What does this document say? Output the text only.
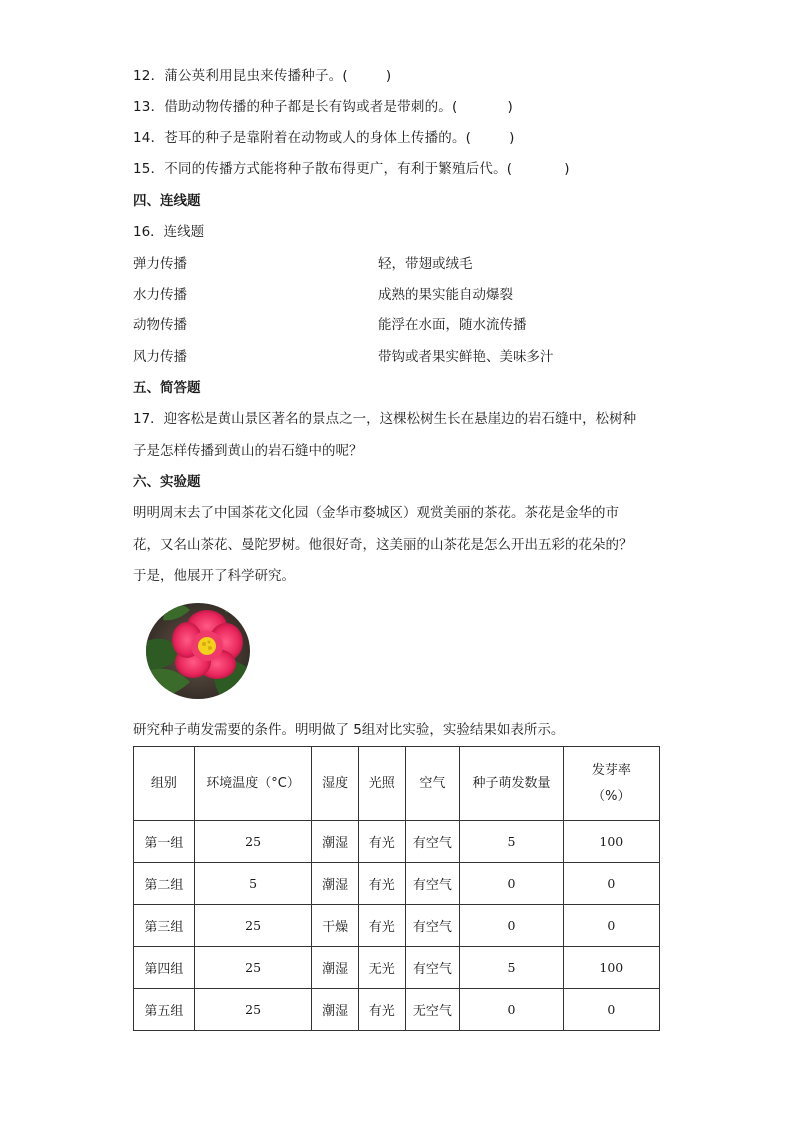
12．蒲公英利用昆虫来传播种子。(	)
13．借助动物传播的种子都是长有钩或者是带刺的。(	)
14．苍耳的种子是靠附着在动物或人的身体上传播的。(	)
15．不同的传播方式能将种子散布得更广，有利于繁殖后代。(	)
四、连线题
16．连线题
弹力传播	轻，带翅或绒毛
水力传播	成熟的果实能自动爆裂
动物传播	能浮在水面，随水流传播
风力传播	带钩或者果实鲜艳、美味多汁
五、简答题
17．迎客松是黄山景区著名的景点之一，这棵松树生长在悬崖边的岩石缝中，松树种
子是怎样传播到黄山的岩石缝中的呢？
六、实验题
明明周末去了中国茶花文化园（金华市婺城区）观赏美丽的茶花。茶花是金华的市
花，又名山茶花、曼陀罗树。他很好奇，这美丽的山茶花是怎么开出五彩的花朵的？
于是，他展开了科学研究。
研究种子萌发需要的条件。明明做了 5组对比实验，实验结果如表所示。
组别	环境温度（°C）	湿度	光照	空气	种子萌发数量	发芽率
（%）

第一组	25	潮湿	有光	有空气	5	100
第二组	5	潮湿	有光	有空气	0	0
第三组	25	干燥	有光	有空气	0	0
第四组	25	潮湿	无光	有空气	5	100
第五组	25	潮湿	有光	无空气	0	0
